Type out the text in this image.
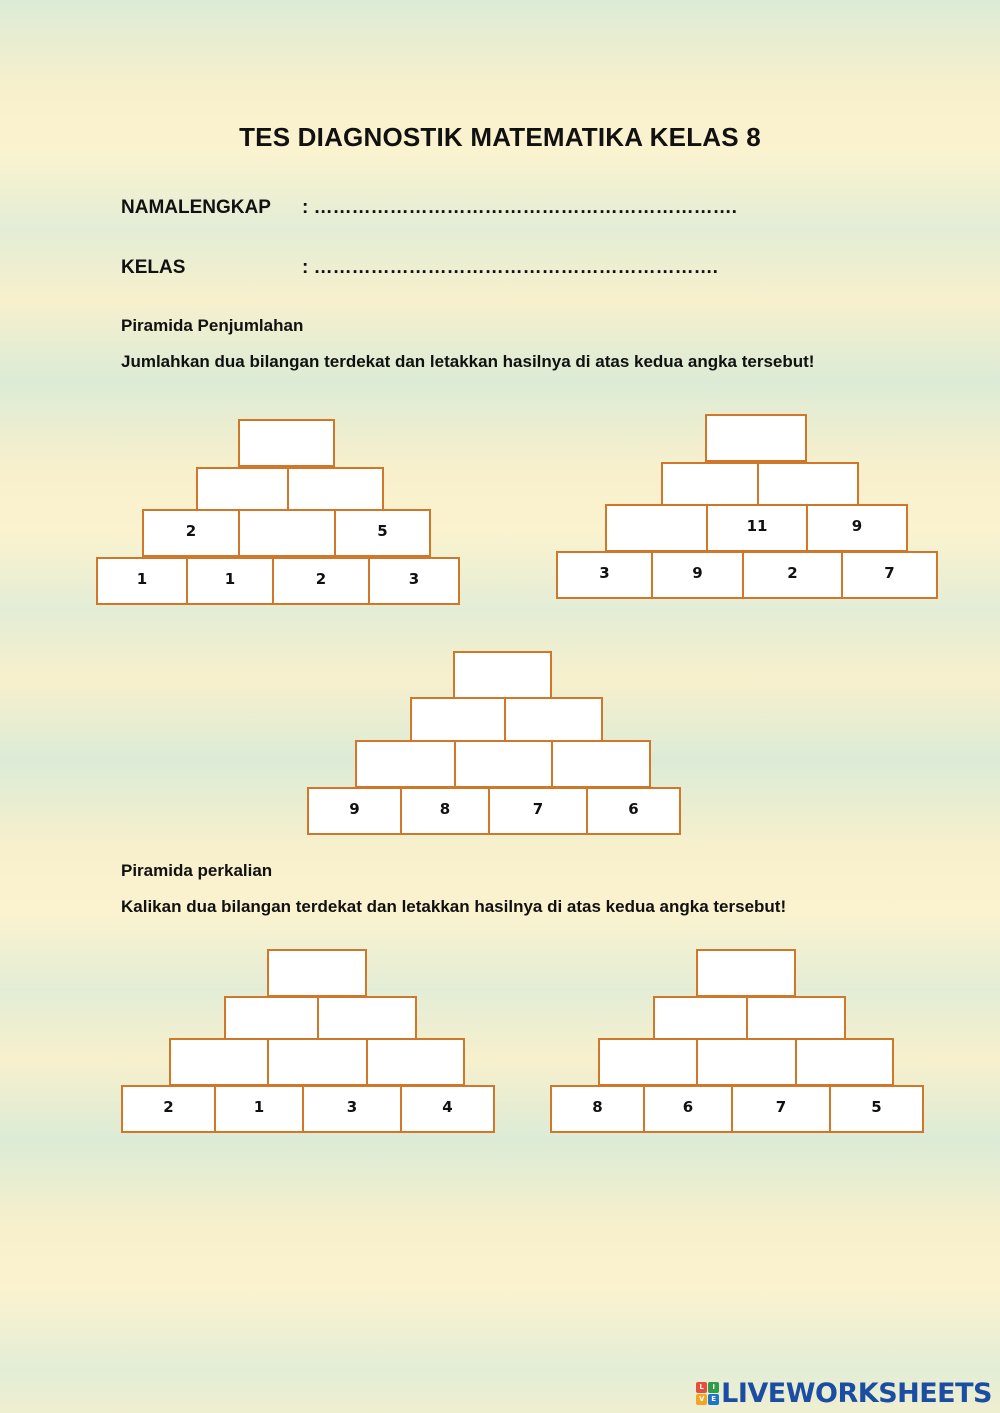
TES DIAGNOSTIK MATEMATIKA KELAS 8
NAMALENGKAP : ………………………………………………………….
KELAS	: ……………………………………………………….
Piramida Penjumlahan
Jumlahkan dua bilangan terdekat dan letakkan hasilnya di atas kedua angka tersebut!
2	5
1	1	2	3
11	9
3	9	2	7
9	8	7	6
Piramida perkalian
Kalikan dua bilangan terdekat dan letakkan hasilnya di atas kedua angka tersebut!
2	1	3	4	8	6	7	5
L	I
V E LIVEWORKSHEETS
